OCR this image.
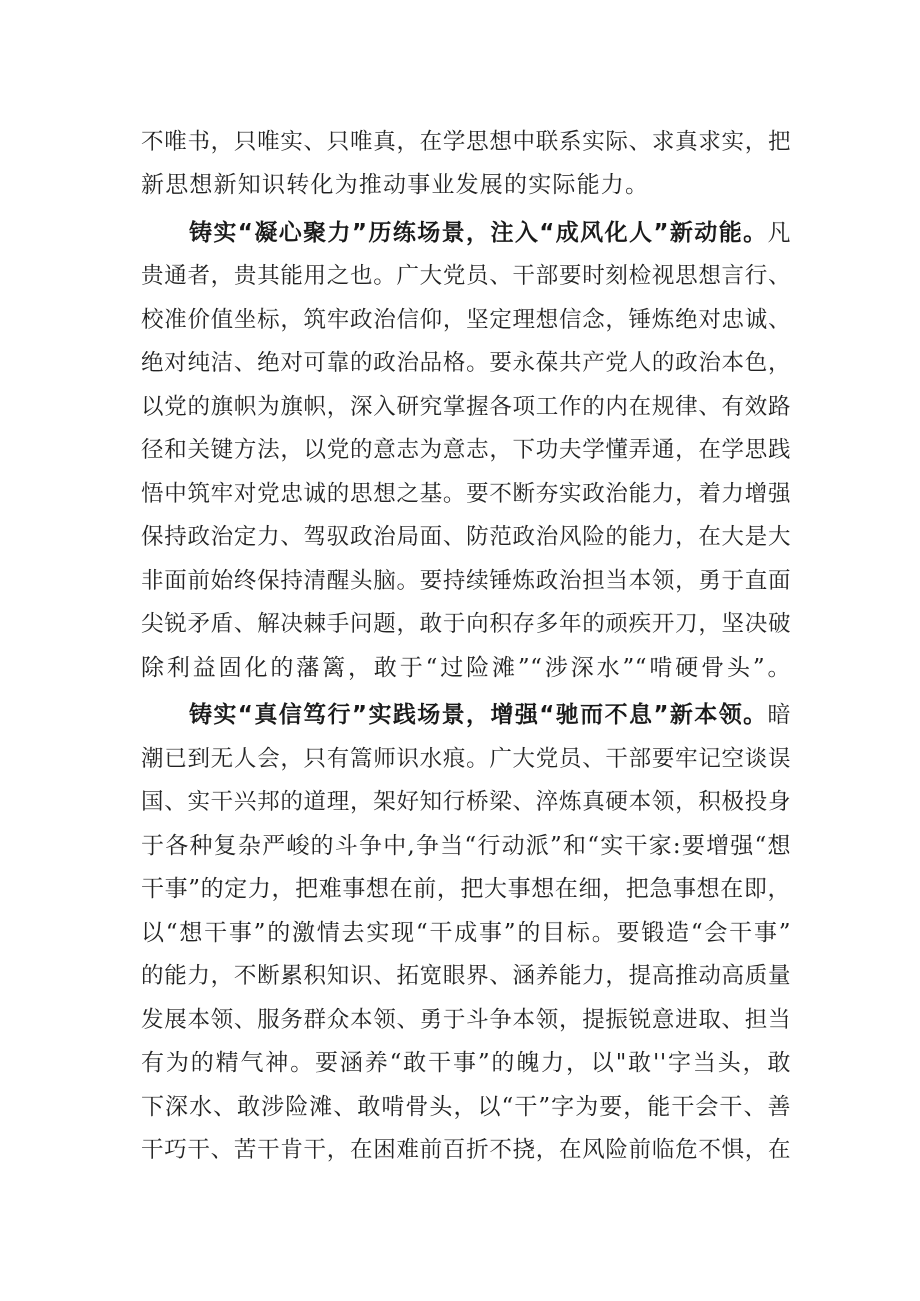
不唯书，只唯实、只唯真，在学思想中联系实际、求真求实，把
新思想新知识转化为推动事业发展的实际能力。
铸实“凝心聚力”历练场景，注入“成风化人”新动能。凡
贵通者，贵其能用之也。广大党员、干部要时刻检视思想言行、
校准价值坐标，筑牢政治信仰，坚定理想信念，锤炼绝对忠诚、
绝对纯洁、绝对可靠的政治品格。要永葆共产党人的政治本色，
以党的旗帜为旗帜，深入研究掌握各项工作的内在规律、有效路
径和关键方法，以党的意志为意志，下功夫学懂弄通，在学思践
悟中筑牢对党忠诚的思想之基。要不断夯实政治能力，着力增强
保持政治定力、驾驭政治局面、防范政治风险的能力，在大是大
非面前始终保持清醒头脑。要持续锤炼政治担当本领，勇于直面
尖锐矛盾、解决棘手问题，敢于向积存多年的顽疾开刀，坚决破
除利益固化的藩篱，敢于“过险滩”“涉深水”“啃硬骨头”。
铸实“真信笃行”实践场景，增强“驰而不息”新本领。暗
潮已到无人会，只有篙师识水痕。广大党员、干部要牢记空谈误
国、实干兴邦的道理，架好知行桥梁、淬炼真硬本领，积极投身
于各种复杂严峻的斗争中,争当“行动派”和“实干家:要增强“想
干事”的定力，把难事想在前，把大事想在细，把急事想在即，
以“想干事”的激情去实现“干成事”的目标。要锻造“会干事”
的能力，不断累积知识、拓宽眼界、涵养能力，提高推动高质量
发展本领、服务群众本领、勇于斗争本领，提振锐意进取、担当
有为的精气神。要涵养“敢干事”的魄力，以"敢''字当头，敢
下深水、敢涉险滩、敢啃骨头，以“干”字为要，能干会干、善
干巧干、苦干肯干，在困难前百折不挠，在风险前临危不惧，在
